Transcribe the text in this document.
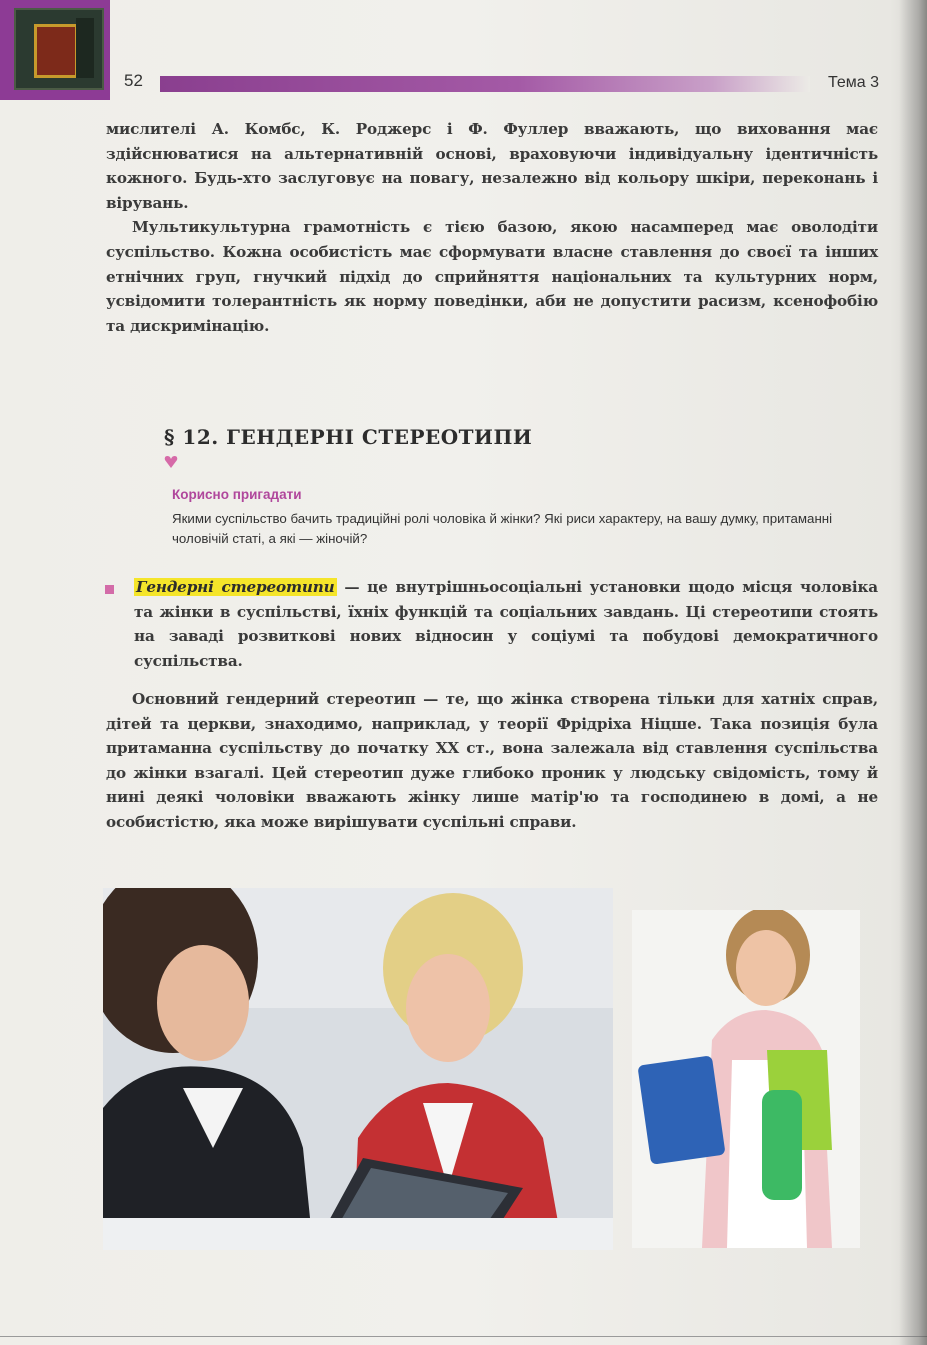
52	Тема 3

мислителі А. Комбс, К. Роджерс і Ф. Фуллер вважають, що виховання має здійснюватися на альтернативній основі, враховуючи індивідуальну ідентичність кожного. Будь-хто заслуговує на повагу, незалежно від кольору шкіри, переконань і вірувань.

Мультикультурна грамотність є тією базою, якою насамперед має оволодіти суспільство. Кожна особистість має сформувати власне ставлення до своєї та інших етнічних груп, гнучкий підхід до сприйняття національних та культурних норм, усвідомити толерантність як норму поведінки, аби не допустити расизм, ксенофобію та дискримінацію.

§ 12. ГЕНДЕРНІ СТЕРЕОТИПИ
Корисно пригадати
Якими суспільство бачить традиційні ролі чоловіка й жінки? Які риси характеру, на вашу думку, притаманні чоловічій статі, а які — жіночій?
Гендерні стереотипи — це внутрішньосоціальні установки щодо місця чоловіка та жінки в суспільстві, їхніх функцій та соціальних завдань. Ці стереотипи стоять на заваді розвиткові нових відносин у соціумі та побудові демократичного суспільства.

Основний гендерний стереотип — те, що жінка створена тільки для хатніх справ, дітей та церкви, знаходимо, наприклад, у теорії Фрідріха Ніцше. Така позиція була притаманна суспільству до початку XX ст., вона залежала від ставлення суспільства до жінки взагалі. Цей стереотип дуже глибоко проник у людську свідомість, тому й нині деякі чоловіки вважають жінку лише матір'ю та господинею в домі, а не особистістю, яка може вирішувати суспільні справи.
